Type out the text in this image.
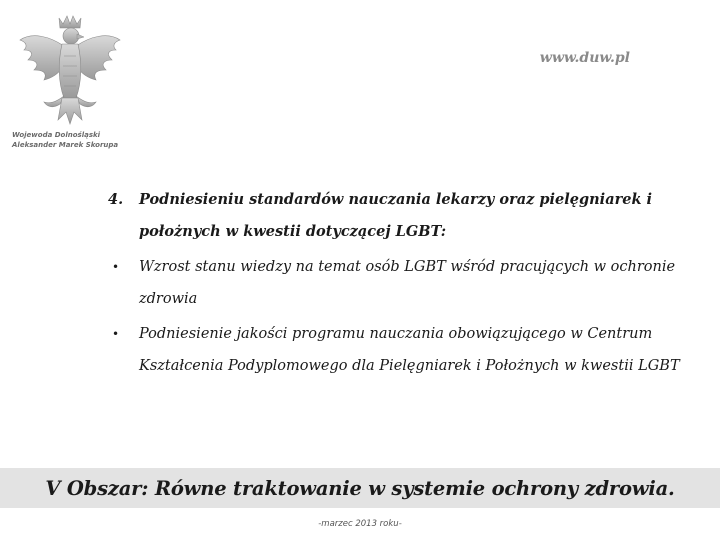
Wojewoda Dolnośląski
Aleksander Marek Skorupa
www.duw.pl
4.	Podniesieniu standardów nauczania lekarzy oraz pielęgniarek i położnych w kwestii dotyczącej LGBT:
•	Wzrost stanu wiedzy na temat osób LGBT wśród pracujących w ochronie zdrowia
•	Podniesienie jakości programu nauczania obowiązującego w Centrum Kształcenia Podyplomowego dla Pielęgniarek i Położnych w kwestii LGBT
V Obszar: Równe traktowanie w systemie ochrony zdrowia.
-marzec 2013 roku-
